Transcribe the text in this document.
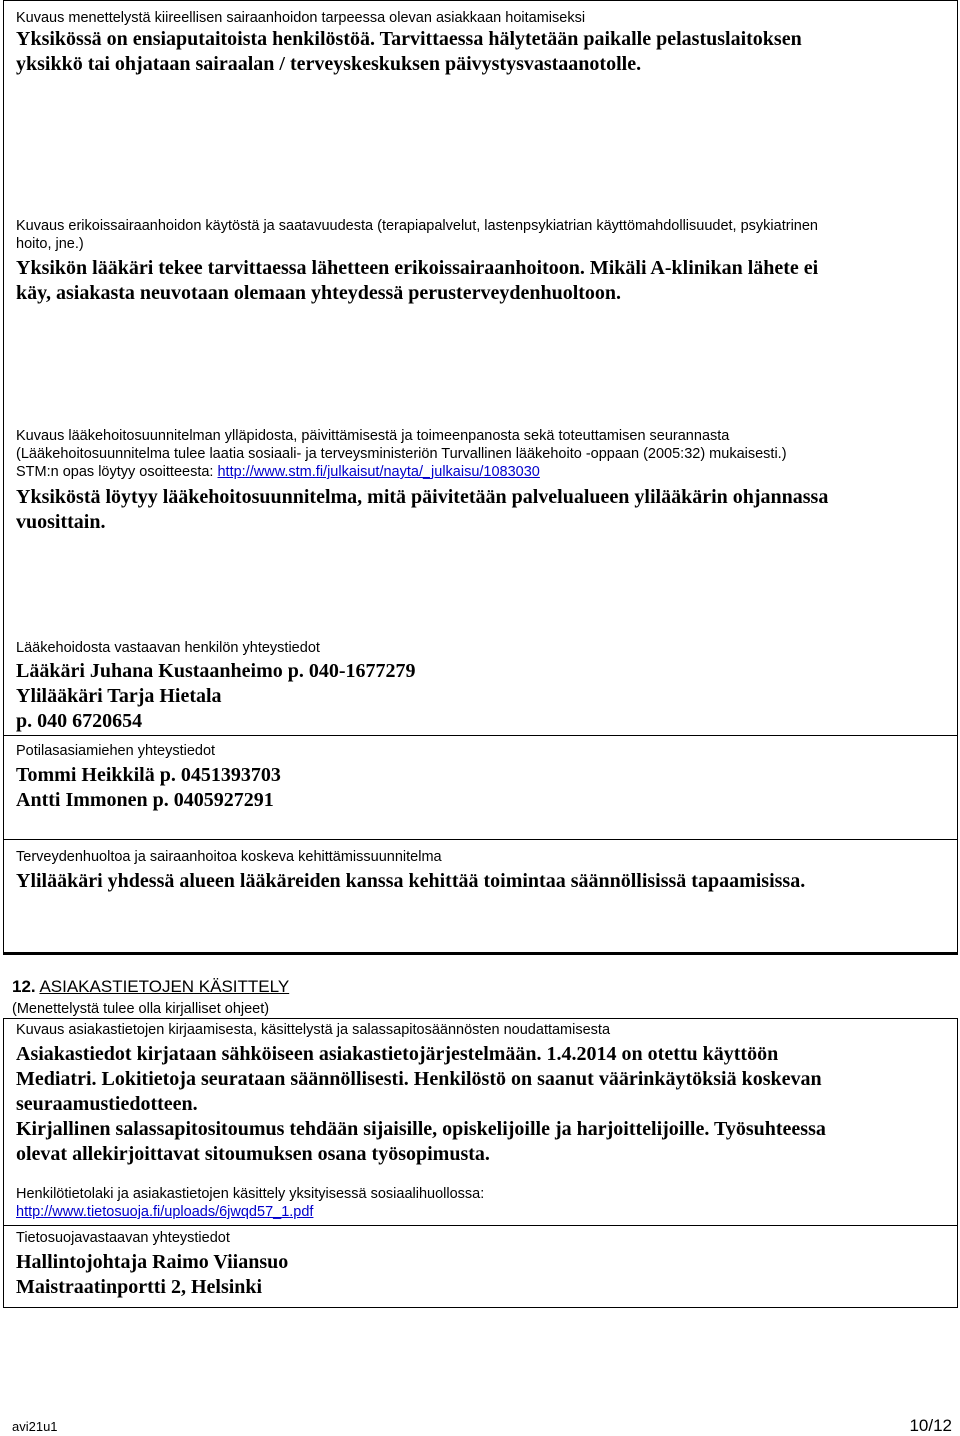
Kuvaus menettelystä kiireellisen sairaanhoidon tarpeessa olevan asiakkaan hoitamiseksi
Yksikössä on ensiaputaitoista henkilöstöä. Tarvittaessa hälytetään paikalle pelastuslaitoksen
yksikkö tai ohjataan sairaalan / terveyskeskuksen päivystysvastaanotolle.
Kuvaus erikoissairaanhoidon käytöstä ja saatavuudesta (terapiapalvelut, lastenpsykiatrian käyttömahdollisuudet, psykiatrinen
hoito, jne.)
Yksikön lääkäri tekee tarvittaessa lähetteen erikoissairaanhoitoon. Mikäli A-klinikan lähete ei
käy, asiakasta neuvotaan olemaan yhteydessä perusterveydenhuoltoon.
Kuvaus lääkehoitosuunnitelman ylläpidosta, päivittämisestä ja toimeenpanosta sekä toteuttamisen seurannasta
(Lääkehoitosuunnitelma tulee laatia sosiaali- ja terveysministeriön Turvallinen lääkehoito -oppaan (2005:32) mukaisesti.)
STM:n opas löytyy osoitteesta: http://www.stm.fi/julkaisut/nayta/_julkaisu/1083030
Yksiköstä löytyy lääkehoitosuunnitelma, mitä päivitetään palvelualueen ylilääkärin ohjannassa
vuosittain.
Lääkehoidosta vastaavan henkilön yhteystiedot
Lääkäri Juhana Kustaanheimo p. 040-1677279
Ylilääkäri Tarja Hietala
p. 040 6720654
Potilasasiamiehen yhteystiedot
Tommi Heikkilä p. 0451393703
Antti Immonen p. 0405927291
Terveydenhuoltoa ja sairaanhoitoa koskeva kehittämissuunnitelma
Ylilääkäri yhdessä alueen lääkäreiden kanssa kehittää toimintaa säännöllisissä tapaamisissa.
12. ASIAKASTIETOJEN KÄSITTELY
(Menettelystä tulee olla kirjalliset ohjeet)
Kuvaus asiakastietojen kirjaamisesta, käsittelystä ja salassapitosäännösten noudattamisesta
Asiakastiedot kirjataan sähköiseen asiakastietojärjestelmään. 1.4.2014 on otettu käyttöön
Mediatri. Lokitietoja seurataan säännöllisesti. Henkilöstö on saanut väärinkäytöksiä koskevan
seuraamustiedotteen.
Kirjallinen salassapitositoumus tehdään sijaisille, opiskelijoille ja harjoittelijoille. Työsuhteessa
olevat allekirjoittavat sitoumuksen osana työsopimusta.
Henkilötietolaki ja asiakastietojen käsittely yksityisessä sosiaalihuollossa:
http://www.tietosuoja.fi/uploads/6jwqd57_1.pdf
Tietosuojavastaavan yhteystiedot
Hallintojohtaja Raimo Viiansuo
Maistraatinportti 2, Helsinki
avi21u1	10/12
